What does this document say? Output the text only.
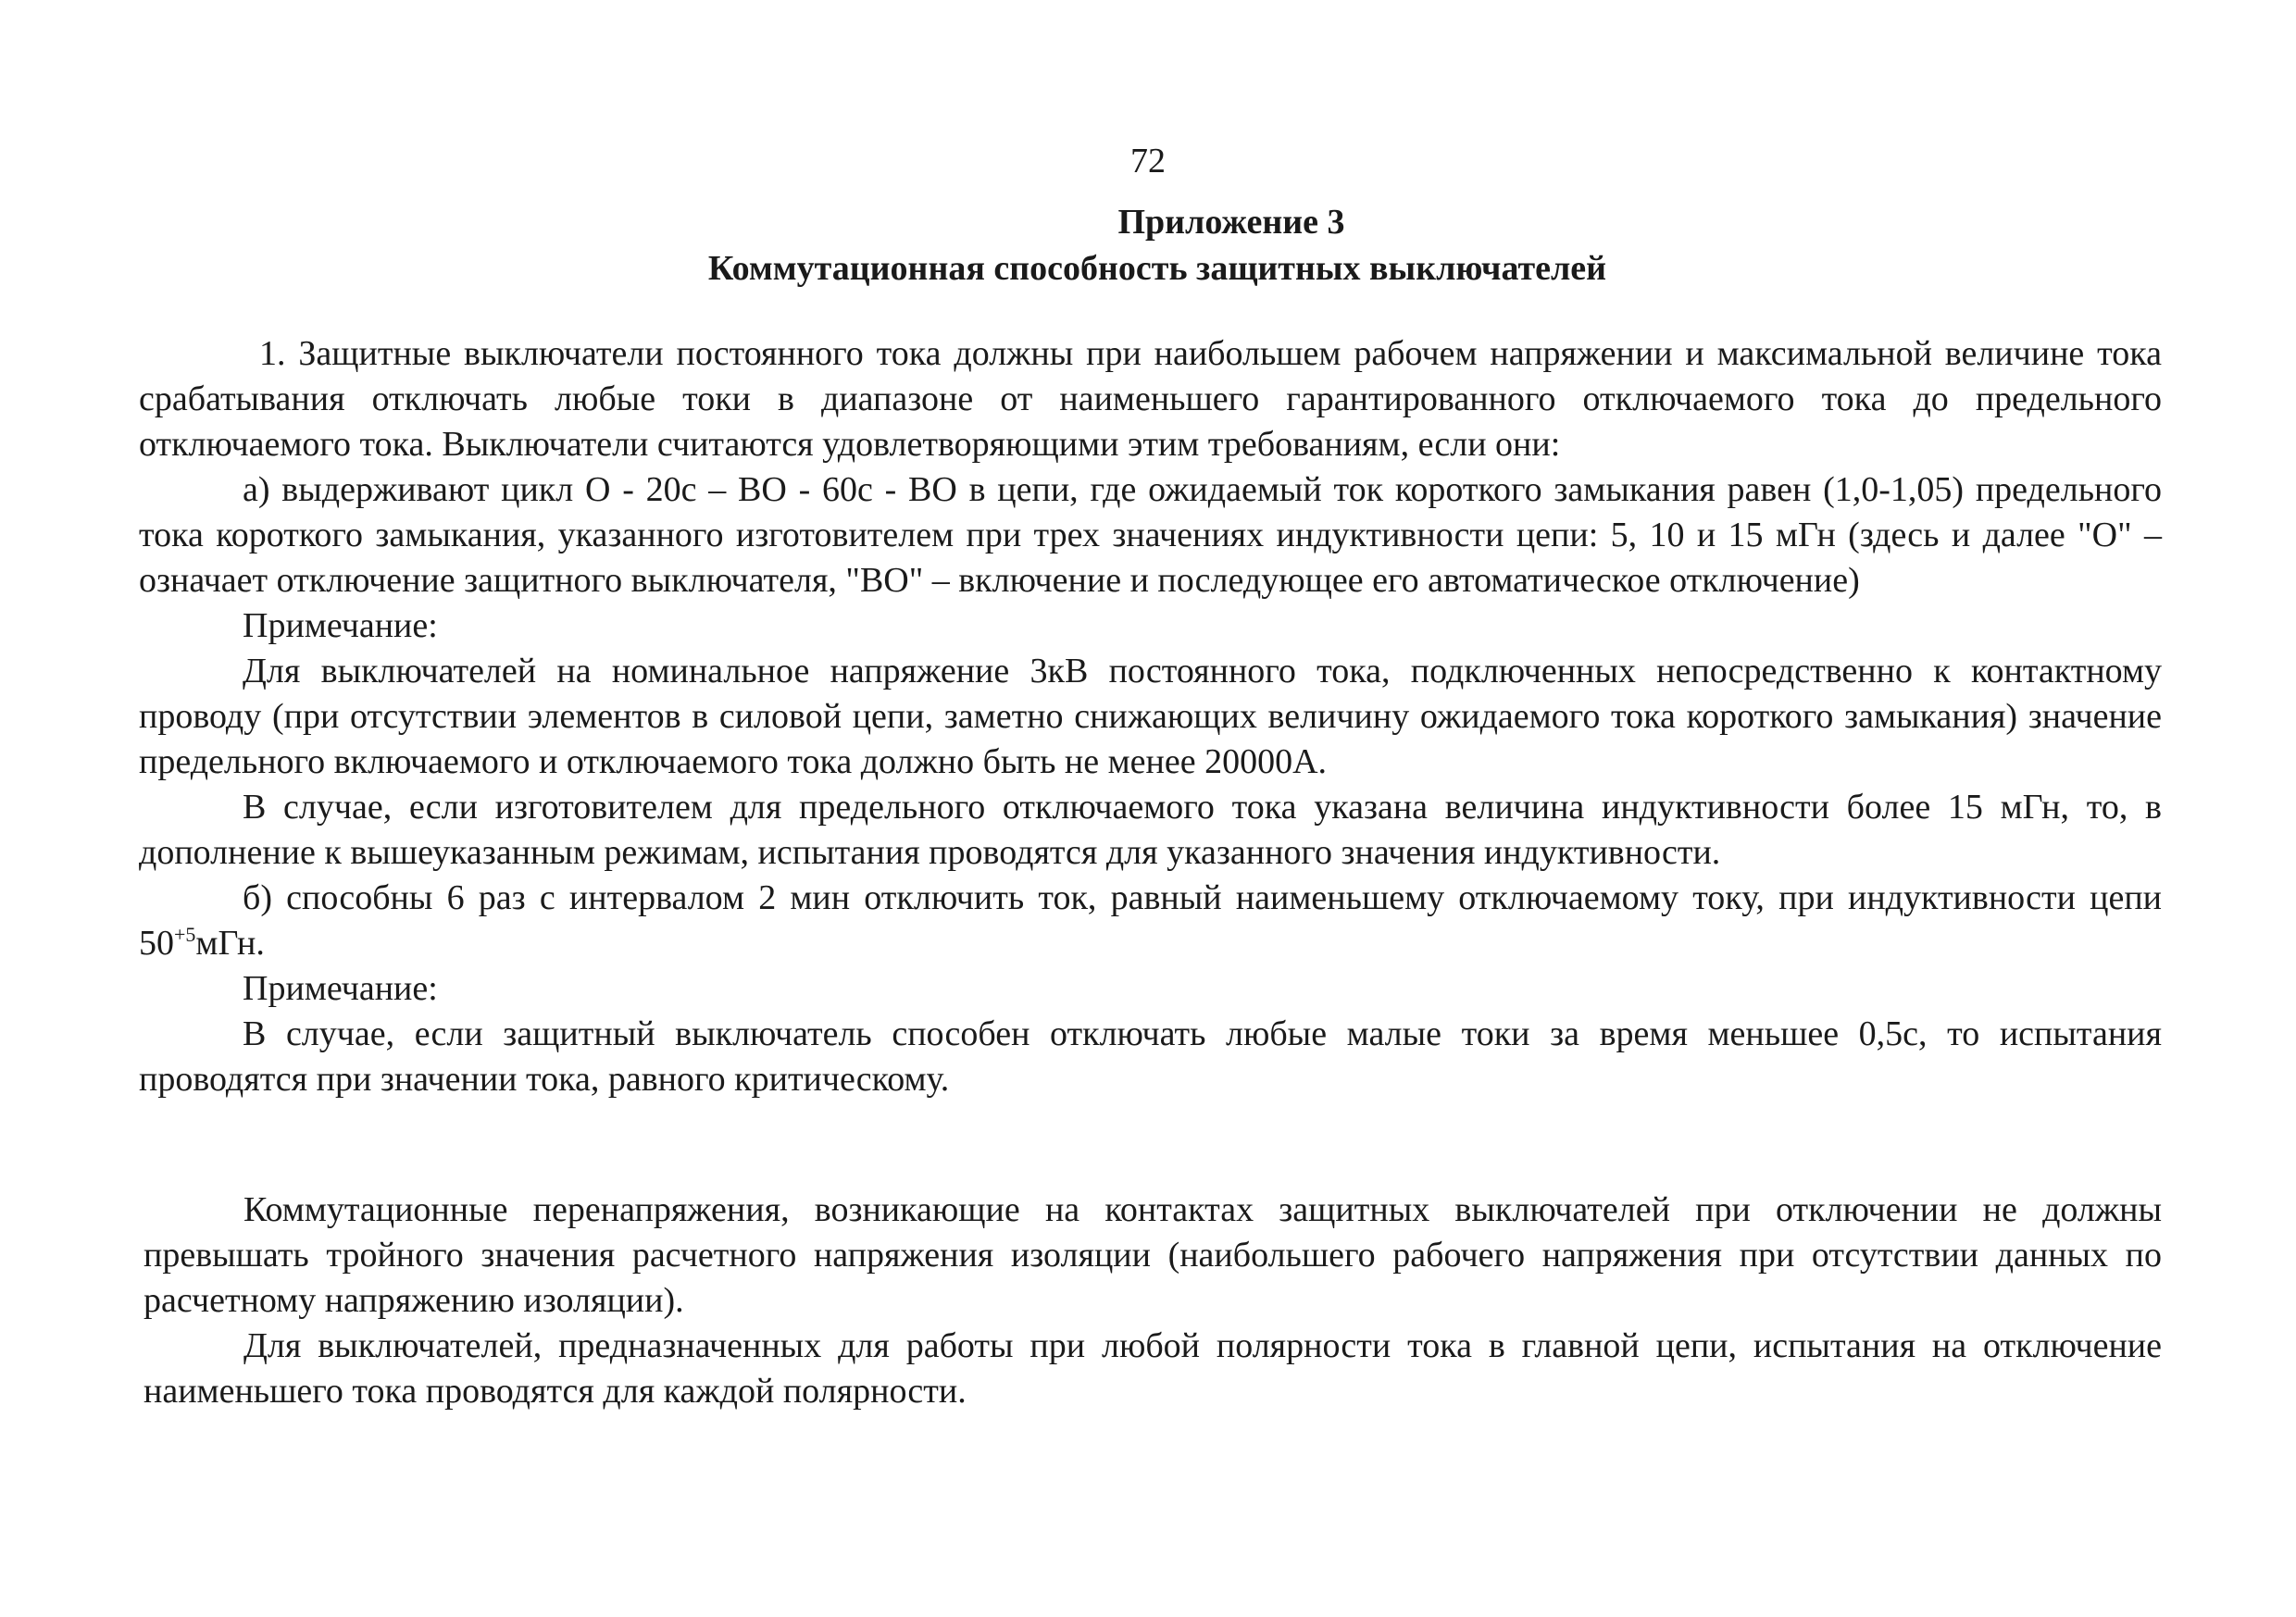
72
Приложение 3
Коммутационная способность защитных выключателей

1. Защитные выключатели постоянного тока должны при наибольшем рабочем напряжении и максимальной величине тока срабатывания отключать любые токи в диапазоне от наименьшего гарантированного отключаемого тока до предельного отключаемого тока. Выключатели считаются удовлетворяющими этим требованиям, если они:

а) выдерживают цикл О - 20с – ВО - 60с - ВО в цепи, где ожидаемый ток короткого замыкания равен (1,0-1,05) предельного тока короткого замыкания, указанного изготовителем при трех значениях индуктивности цепи: 5, 10 и 15 мГн (здесь и далее "О" – означает отключение защитного выключателя, "ВО" – включение и последующее его автоматическое отключение)

Примечание:

Для выключателей на номинальное напряжение 3кВ постоянного тока, подключенных непосредственно к контактному проводу (при отсутствии элементов в силовой цепи, заметно снижающих величину ожидаемого тока короткого замыкания) значение предельного включаемого и отключаемого тока должно быть не менее 20000А.

В случае, если изготовителем для предельного отключаемого тока указана величина индуктивности более 15 мГн, то, в дополнение к вышеуказанным режимам, испытания проводятся для указанного значения индуктивности.

б) способны 6 раз с интервалом 2 мин отключить ток, равный наименьшему отключаемому току, при индуктивности цепи $50^{+5}мГн$.

Примечание:

В случае, если защитный выключатель способен отключать любые малые токи за время меньшее 0,5с, то испытания проводятся при значении тока, равного критическому.

Коммутационные перенапряжения, возникающие на контактах защитных выключателей при отключении не должны превышать тройного значения расчетного напряжения изоляции (наибольшего рабочего напряжения при отсутствии данных по расчетному напряжению изоляции).

Для выключателей, предназначенных для работы при любой полярности тока в главной цепи, испытания на отключение наименьшего тока проводятся для каждой полярности.
